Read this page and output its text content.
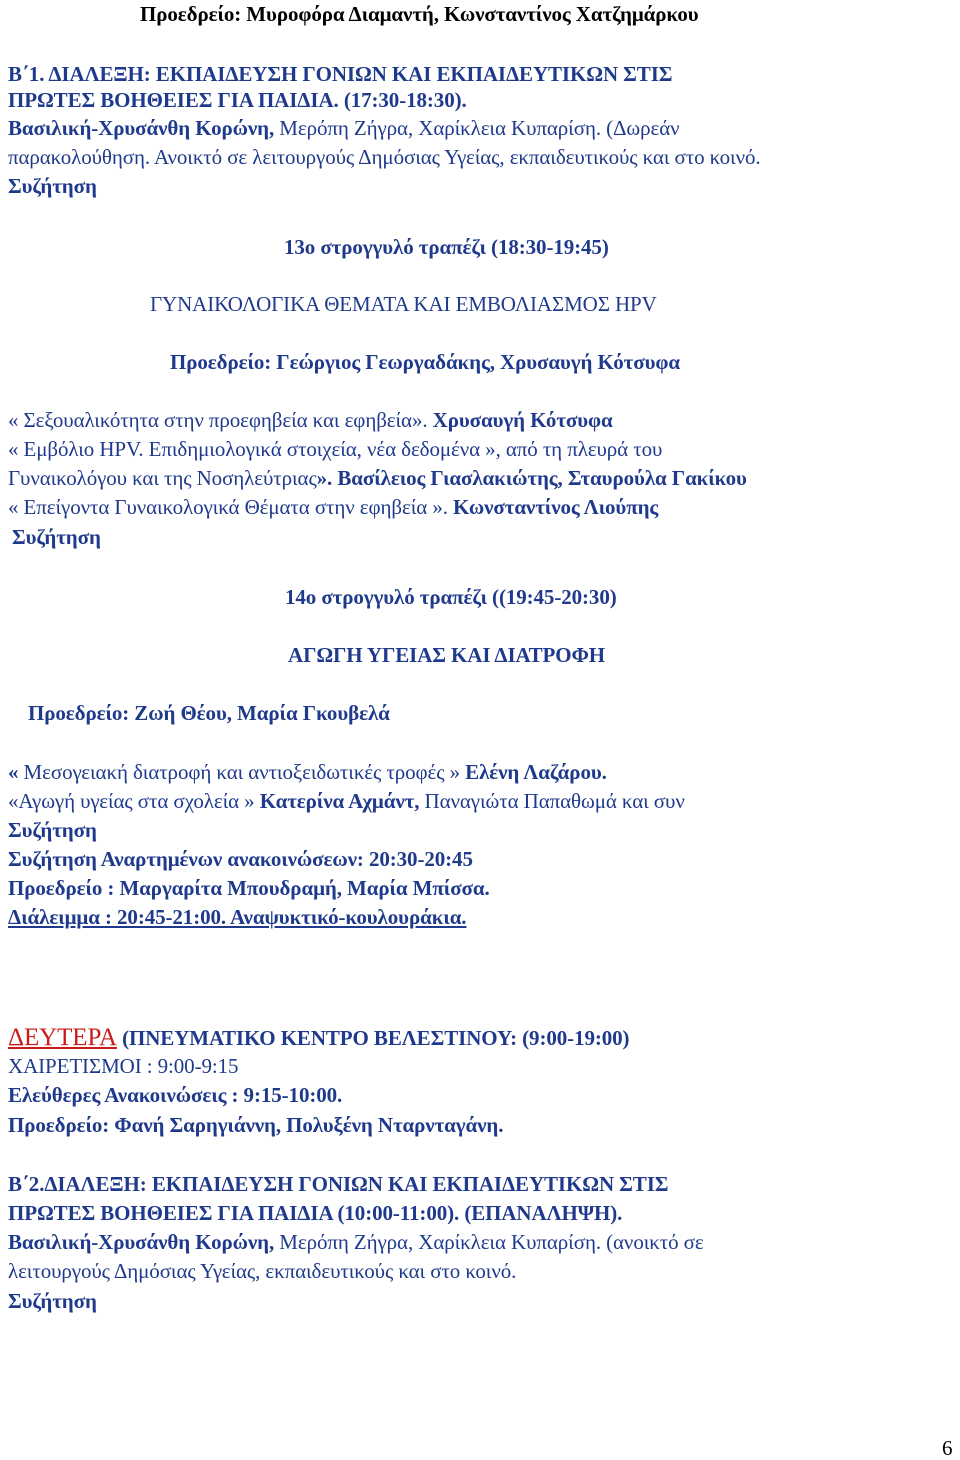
Προεδρείο: Μυροφόρα Διαμαντή, Κωνσταντίνος Χατζημάρκου
Β΄1. ΔΙΑΛΕΞΗ: ΕΚΠΑΙΔΕΥΣΗ ΓΟΝΙΩΝ ΚΑΙ ΕΚΠΑΙΔΕΥΤΙΚΩΝ ΣΤΙΣ
ΠΡΩΤΕΣ ΒΟΗΘΕΙΕΣ ΓΙΑ ΠΑΙΔΙΑ. (17:30-18:30).
Βασιλική-Χρυσάνθη Κορώνη, Μερόπη Ζήγρα, Χαρίκλεια Κυπαρίση. (Δωρεάν
παρακολούθηση. Ανοικτό σε λειτουργούς Δημόσιας Υγείας, εκπαιδευτικούς και στο κοινό.
Συζήτηση
13ο στρογγυλό τραπέζι (18:30-19:45)
ΓΥΝΑΙΚΟΛΟΓΙΚΑ ΘΕΜΑΤΑ ΚΑΙ ΕΜΒΟΛΙΑΣΜΟΣ HPV
Προεδρείο: Γεώργιος Γεωργαδάκης, Χρυσαυγή Κότσυφα
« Σεξουαλικότητα στην προεφηβεία και εφηβεία». Χρυσαυγή Κότσυφα
« Εμβόλιο HPV. Επιδημιολογικά στοιχεία, νέα δεδομένα », από τη πλευρά του
Γυναικολόγου και της Νοσηλεύτριας». Βασίλειος Γιασλακιώτης, Σταυρούλα Γακίκου
« Επείγοντα Γυναικολογικά Θέματα στην εφηβεία ». Κωνσταντίνος Λιούπης
Συζήτηση
14ο στρογγυλό τραπέζι ((19:45-20:30)
ΑΓΩΓΗ ΥΓΕΙΑΣ ΚΑΙ ΔΙΑΤΡΟΦΗ
Προεδρείο: Ζωή Θέου, Μαρία Γκουβελά
« Μεσογειακή διατροφή και αντιοξειδωτικές τροφές » Ελένη Λαζάρου.
«Αγωγή υγείας στα σχολεία » Κατερίνα Αχμάντ, Παναγιώτα Παπαθωμά και συν
Συζήτηση
Συζήτηση Αναρτημένων ανακοινώσεων: 20:30-20:45
Προεδρείο : Μαργαρίτα Μπουδραμή, Μαρία Μπίσσα.
Διάλειμμα : 20:45-21:00. Αναψυκτικό-κουλουράκια.
ΔΕΥΤΕΡΑ (ΠΝΕΥΜΑΤΙΚΟ ΚΕΝΤΡΟ ΒΕΛΕΣΤΙΝΟΥ: (9:00-19:00)
ΧΑΙΡΕΤΙΣΜΟΙ : 9:00-9:15
Ελεύθερες Ανακοινώσεις : 9:15-10:00.
Προεδρείο: Φανή Σαρηγιάννη, Πολυξένη Νταρνταγάνη.
Β΄2.ΔΙΑΛΕΞΗ: ΕΚΠΑΙΔΕΥΣΗ ΓΟΝΙΩΝ ΚΑΙ ΕΚΠΑΙΔΕΥΤΙΚΩΝ ΣΤΙΣ
ΠΡΩΤΕΣ ΒΟΗΘΕΙΕΣ ΓΙΑ ΠΑΙΔΙΑ (10:00-11:00). (ΕΠΑΝΑΛΗΨΗ).
Βασιλική-Χρυσάνθη Κορώνη, Μερόπη Ζήγρα, Χαρίκλεια Κυπαρίση. (ανοικτό σε
λειτουργούς Δημόσιας Υγείας, εκπαιδευτικούς και στο κοινό.
Συζήτηση
6
